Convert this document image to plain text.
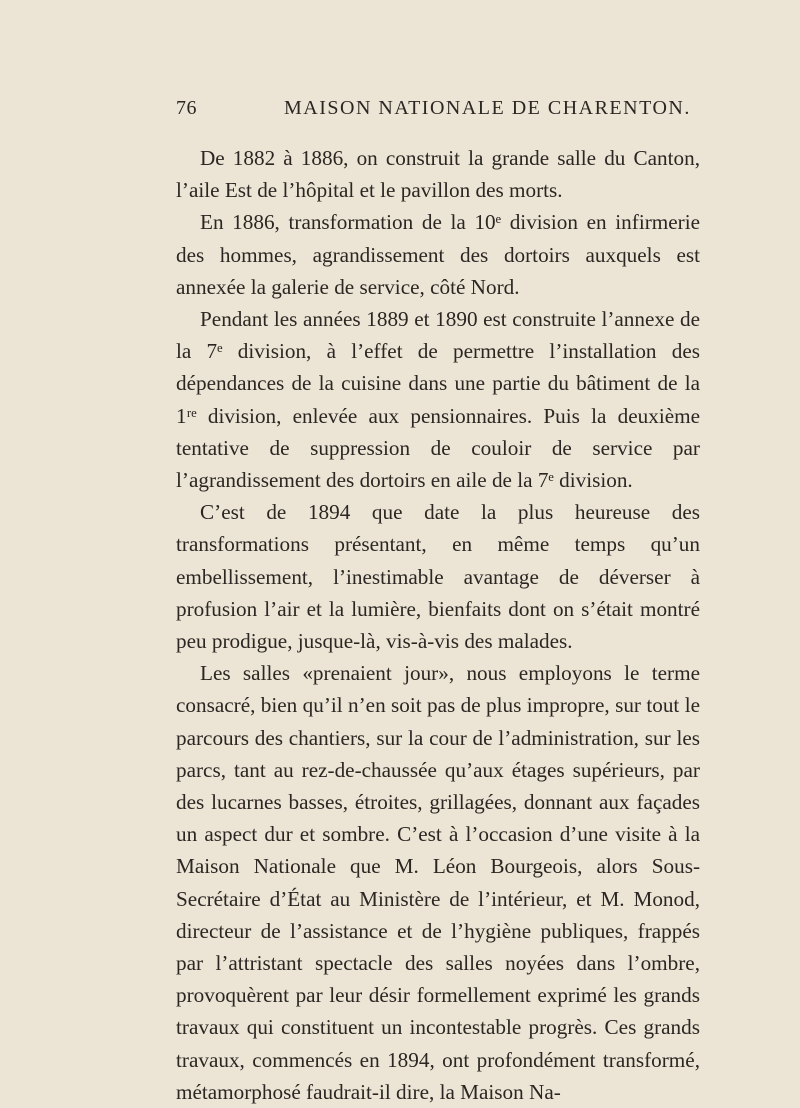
76	MAISON NATIONALE DE CHARENTON.

De 1882 à 1886, on construit la grande salle du Canton, l’aile Est de l’hôpital et le pavillon des morts.

En 1886, transformation de la 10ᵉ division en infirmerie des hommes, agrandissement des dortoirs auxquels est annexée la galerie de service, côté Nord.

Pendant les années 1889 et 1890 est construite l’annexe de la 7ᵉ division, à l’effet de permettre l’installation des dépendances de la cuisine dans une partie du bâtiment de la 1ʳᵉ division, enlevée aux pensionnaires. Puis la deuxième tentative de suppression de couloir de service par l’agrandissement des dortoirs en aile de la 7ᵉ division.

C’est de 1894 que date la plus heureuse des transformations présentant, en même temps qu’un embellissement, l’inestimable avantage de déverser à profusion l’air et la lumière, bienfaits dont on s’était montré peu prodigue, jusque-là, vis-à-vis des malades.

Les salles «prenaient jour», nous employons le terme consacré, bien qu’il n’en soit pas de plus impropre, sur tout le parcours des chantiers, sur la cour de l’administration, sur les parcs, tant au rez-de-chaussée qu’aux étages supérieurs, par des lucarnes basses, étroites, grillagées, donnant aux façades un aspect dur et sombre. C’est à l’occasion d’une visite à la Maison Nationale que M. Léon Bourgeois, alors Sous-Secrétaire d’État au Ministère de l’intérieur, et M. Monod, directeur de l’assistance et de l’hygiène publiques, frappés par l’attristant spectacle des salles noyées dans l’ombre, provoquèrent par leur désir formellement exprimé les grands travaux qui constituent un incontestable progrès. Ces grands travaux, commencés en 1894, ont profondément transformé, métamorphosé faudrait-il dire, la Maison Na-
